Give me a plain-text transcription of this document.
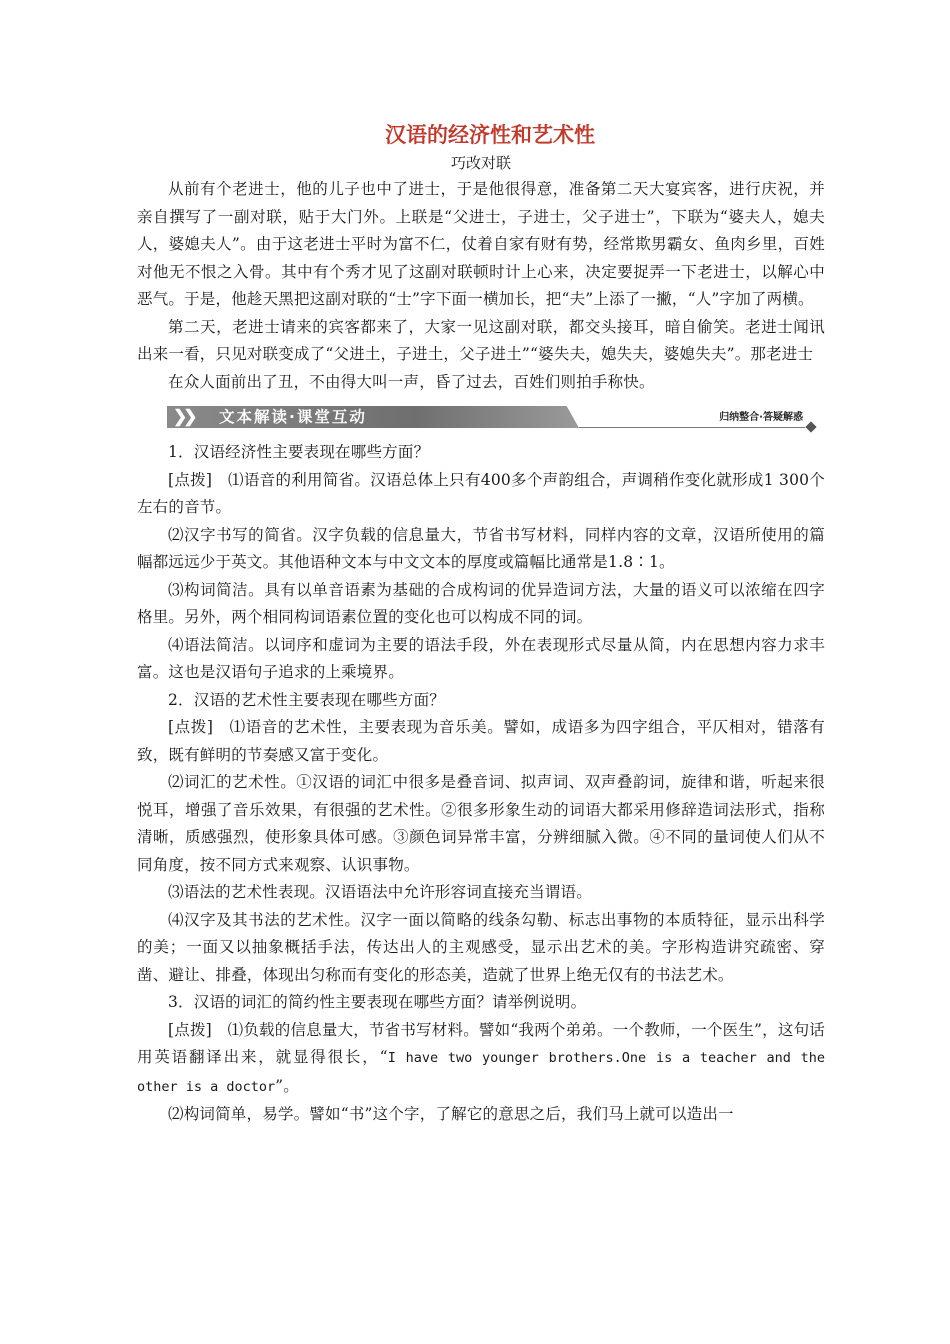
汉语的经济性和艺术性
巧改对联

从前有个老进士，他的儿子也中了进士，于是他很得意，准备第二天大宴宾客，进行庆祝，并亲自撰写了一副对联，贴于大门外。上联是“父进士，子进士，父子进士”，下联为“婆夫人，媳夫人，婆媳夫人”。由于这老进士平时为富不仁，仗着自家有财有势，经常欺男霸女、鱼肉乡里，百姓对他无不恨之入骨。其中有个秀才见了这副对联顿时计上心来，决定要捉弄一下老进士，以解心中恶气。于是，他趁天黑把这副对联的“士”字下面一横加长，把“夫”上添了一撇，“人”字加了两横。

第二天，老进士请来的宾客都来了，大家一见这副对联，都交头接耳，暗自偷笑。老进士闻讯出来一看，只见对联变成了“父进土，子进土，父子进土”“婆失夫，媳失夫，婆媳失夫”。那老进士

在众人面前出了丑，不由得大叫一声，昏了过去，百姓们则拍手称快。

❯❯ 文本解读·课堂互动	归纳整合·答疑解惑

1．汉语经济性主要表现在哪些方面？

[点拨]　⑴语音的利用简省。汉语总体上只有400多个声韵组合，声调稍作变化就形成1 300个左右的音节。

⑵汉字书写的简省。汉字负载的信息量大，节省书写材料，同样内容的文章，汉语所使用的篇幅都远远少于英文。其他语种文本与中文文本的厚度或篇幅比通常是1.8∶1。

⑶构词简洁。具有以单音语素为基础的合成构词的优异造词方法，大量的语义可以浓缩在四字格里。另外，两个相同构词语素位置的变化也可以构成不同的词。

⑷语法简洁。以词序和虚词为主要的语法手段，外在表现形式尽量从简，内在思想内容力求丰富。这也是汉语句子追求的上乘境界。

2．汉语的艺术性主要表现在哪些方面？

[点拨]　⑴语音的艺术性，主要表现为音乐美。譬如，成语多为四字组合，平仄相对，错落有致，既有鲜明的节奏感又富于变化。

⑵词汇的艺术性。①汉语的词汇中很多是叠音词、拟声词、双声叠韵词，旋律和谐，听起来很悦耳，增强了音乐效果，有很强的艺术性。②很多形象生动的词语大都采用修辞造词法形式，指称清晰，质感强烈，使形象具体可感。③颜色词异常丰富，分辨细腻入微。④不同的量词使人们从不同角度，按不同方式来观察、认识事物。

⑶语法的艺术性表现。汉语语法中允许形容词直接充当谓语。

⑷汉字及其书法的艺术性。汉字一面以简略的线条勾勒、标志出事物的本质特征，显示出科学的美；一面又以抽象概括手法，传达出人的主观感受，显示出艺术的美。字形构造讲究疏密、穿凿、避让、排叠，体现出匀称而有变化的形态美，造就了世界上绝无仅有的书法艺术。

3．汉语的词汇的简约性主要表现在哪些方面？请举例说明。

[点拨]　⑴负载的信息量大，节省书写材料。譬如“我两个弟弟。一个教师，一个医生”，这句话用英语翻译出来，就显得很长，“I have two younger brothers.One is a teacher and the other is a doctor”。

⑵构词简单，易学。譬如“书”这个字，了解它的意思之后，我们马上就可以造出一
